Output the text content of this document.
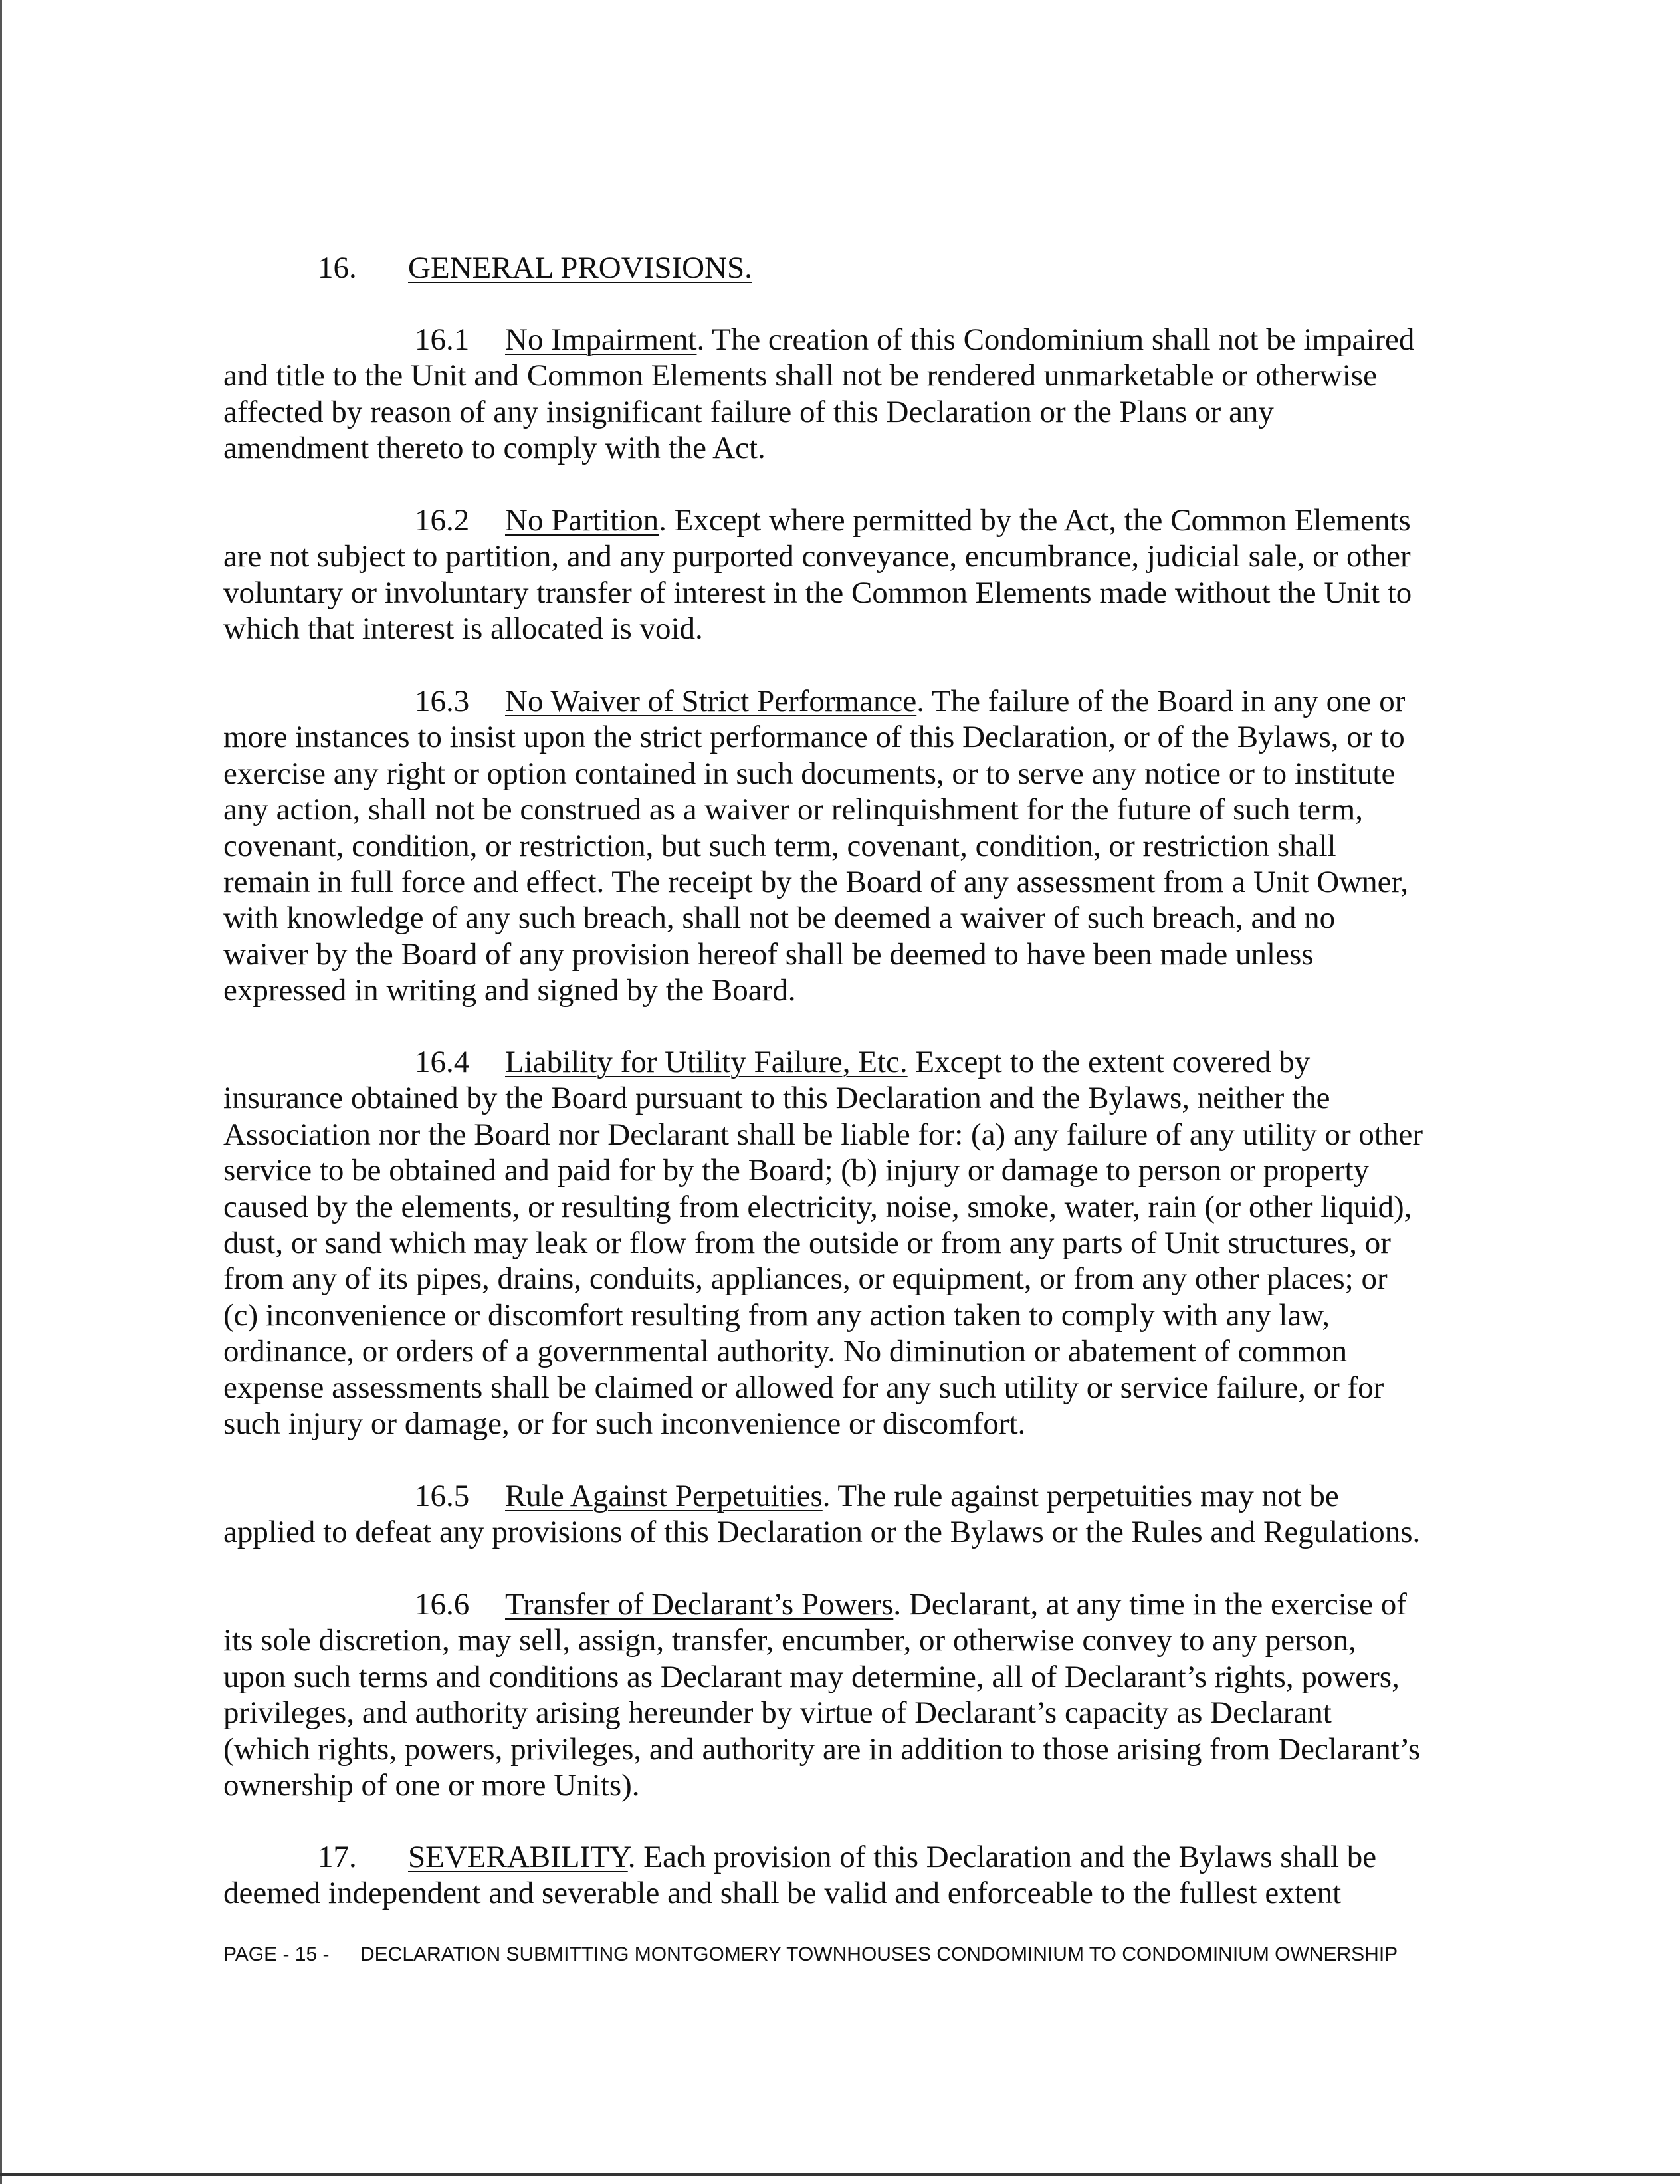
16. GENERAL PROVISIONS.

16.1 No Impairment. The creation of this Condominium shall not be impaired and title to the Unit and Common Elements shall not be rendered unmarketable or otherwise affected by reason of any insignificant failure of this Declaration or the Plans or any amendment thereto to comply with the Act.

16.2 No Partition. Except where permitted by the Act, the Common Elements are not subject to partition, and any purported conveyance, encumbrance, judicial sale, or other voluntary or involuntary transfer of interest in the Common Elements made without the Unit to which that interest is allocated is void.

16.3 No Waiver of Strict Performance. The failure of the Board in any one or more instances to insist upon the strict performance of this Declaration, or of the Bylaws, or to exercise any right or option contained in such documents, or to serve any notice or to institute any action, shall not be construed as a waiver or relinquishment for the future of such term, covenant, condition, or restriction, but such term, covenant, condition, or restriction shall remain in full force and effect. The receipt by the Board of any assessment from a Unit Owner, with knowledge of any such breach, shall not be deemed a waiver of such breach, and no waiver by the Board of any provision hereof shall be deemed to have been made unless expressed in writing and signed by the Board.

16.4 Liability for Utility Failure, Etc. Except to the extent covered by insurance obtained by the Board pursuant to this Declaration and the Bylaws, neither the Association nor the Board nor Declarant shall be liable for: (a) any failure of any utility or other service to be obtained and paid for by the Board; (b) injury or damage to person or property caused by the elements, or resulting from electricity, noise, smoke, water, rain (or other liquid), dust, or sand which may leak or flow from the outside or from any parts of Unit structures, or from any of its pipes, drains, conduits, appliances, or equipment, or from any other places; or (c) inconvenience or discomfort resulting from any action taken to comply with any law, ordinance, or orders of a governmental authority. No diminution or abatement of common expense assessments shall be claimed or allowed for any such utility or service failure, or for such injury or damage, or for such inconvenience or discomfort.

16.5 Rule Against Perpetuities. The rule against perpetuities may not be applied to defeat any provisions of this Declaration or the Bylaws or the Rules and Regulations.

16.6 Transfer of Declarant’s Powers. Declarant, at any time in the exercise of its sole discretion, may sell, assign, transfer, encumber, or otherwise convey to any person, upon such terms and conditions as Declarant may determine, all of Declarant’s rights, powers, privileges, and authority arising hereunder by virtue of Declarant’s capacity as Declarant (which rights, powers, privileges, and authority are in addition to those arising from Declarant’s ownership of one or more Units).

17. SEVERABILITY. Each provision of this Declaration and the Bylaws shall be deemed independent and severable and shall be valid and enforceable to the fullest extent

PAGE - 15 -	DECLARATION SUBMITTING MONTGOMERY TOWNHOUSES CONDOMINIUM TO CONDOMINIUM OWNERSHIP
